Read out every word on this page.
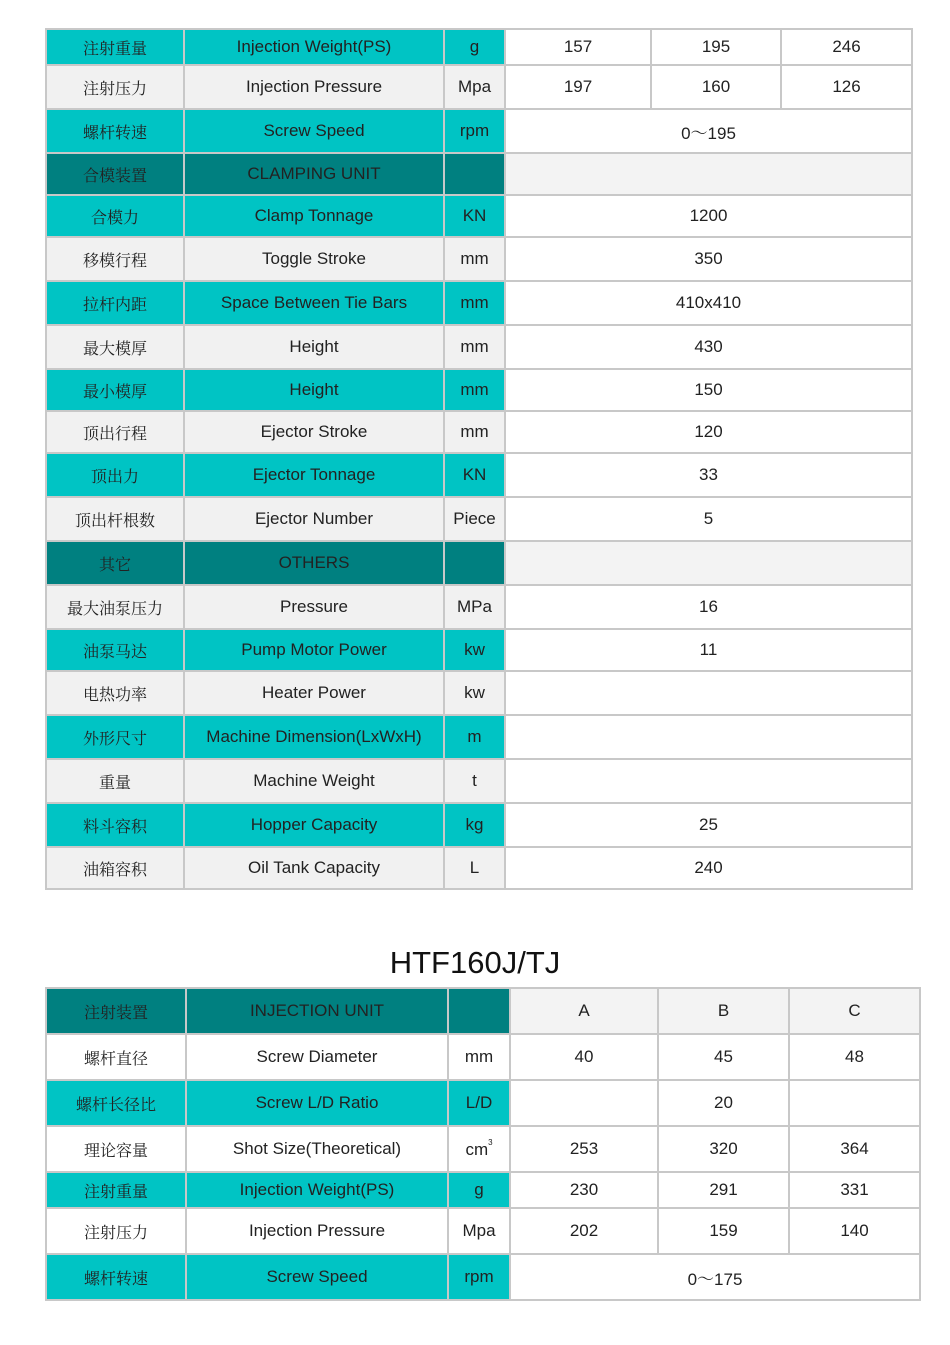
注射重量	Injection Weight(PS)	g	157	195	246
注射压力	Injection Pressure	Mpa	197	160	126
螺杆转速	Screw Speed	rpm	0～195		
合模装置	CLAMPING UNIT				
合模力	Clamp Tonnage	KN	1200		
移模行程	Toggle Stroke	mm	350		
拉杆内距	Space Between Tie Bars	mm	410x410		
最大模厚	Height	mm	430		
最小模厚	Height	mm	150		
顶出行程	Ejector Stroke	mm	120		
顶出力	Ejector Tonnage	KN	33		
顶出杆根数	Ejector Number	Piece	5		
其它	OTHERS				
最大油泵压力	Pressure	MPa	16		
油泵马达	Pump Motor Power	kw	11		
电热功率	Heater Power	kw			
外形尺寸	Machine Dimension(LxWxH)	m			
重量	Machine Weight	t			
料斗容积	Hopper Capacity	kg	25		
油箱容积	Oil Tank Capacity	L	240		
HTF160J/TJ
注射装置	INJECTION UNIT		A	B	C
螺杆直径	Screw Diameter	mm	40	45	48
螺杆长径比	Screw L/D Ratio	L/D		20	
理论容量	Shot Size(Theoretical)	$cm^3$	253	320	364
注射重量	Injection Weight(PS)	g	230	291	331
注射压力	Injection Pressure	Mpa	202	159	140
螺杆转速	Screw Speed	rpm	0～175		
